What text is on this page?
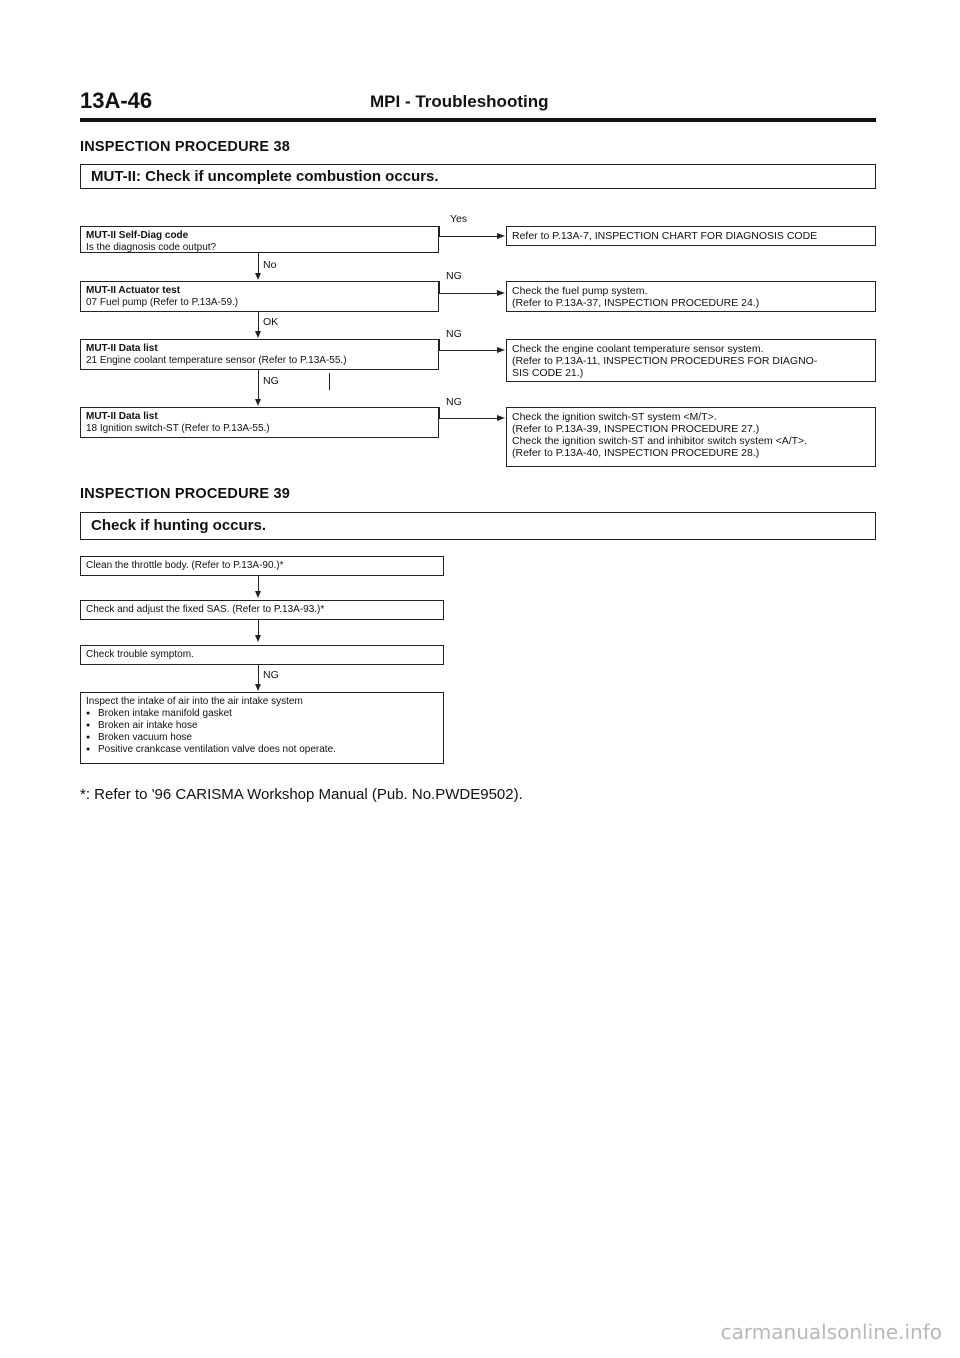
13A-46	MPI - Troubleshooting
INSPECTION PROCEDURE 38
MUT-II: Check if uncomplete combustion occurs.
MUT-II Self-Diag code
Is the diagnosis code output?
Yes
Refer to P.13A-7, INSPECTION CHART FOR DIAGNOSIS CODE
No
MUT-II Actuator test
07 Fuel pump (Refer to P.13A-59.)
NG
Check the fuel pump system.
(Refer to P.13A-37, INSPECTION PROCEDURE 24.)
OK
MUT-II Data list
21 Engine coolant temperature sensor (Refer to P.13A-55.)
NG
Check the engine coolant temperature sensor system.
(Refer to P.13A-11, INSPECTION PROCEDURES FOR DIAGNO-
SIS CODE 21.)
NG
MUT-II Data list
18 Ignition switch-ST (Refer to P.13A-55.)
NG
Check the ignition switch-ST system <M/T>.
(Refer to P.13A-39, INSPECTION PROCEDURE 27.)
Check the ignition switch-ST and inhibitor switch system <A/T>.
(Refer to P.13A-40, INSPECTION PROCEDURE 28.)
INSPECTION PROCEDURE 39
Check if hunting occurs.
Clean the throttle body. (Refer to P.13A-90.)*
Check and adjust the fixed SAS. (Refer to P.13A-93.)*
Check trouble symptom.
NG
Inspect the intake of air into the air intake system
● Broken intake manifold gasket
● Broken air intake hose
● Broken vacuum hose
● Positive crankcase ventilation valve does not operate.
*: Refer to '96 CARISMA Workshop Manual (Pub. No.PWDE9502).
carmanualsonline.info
